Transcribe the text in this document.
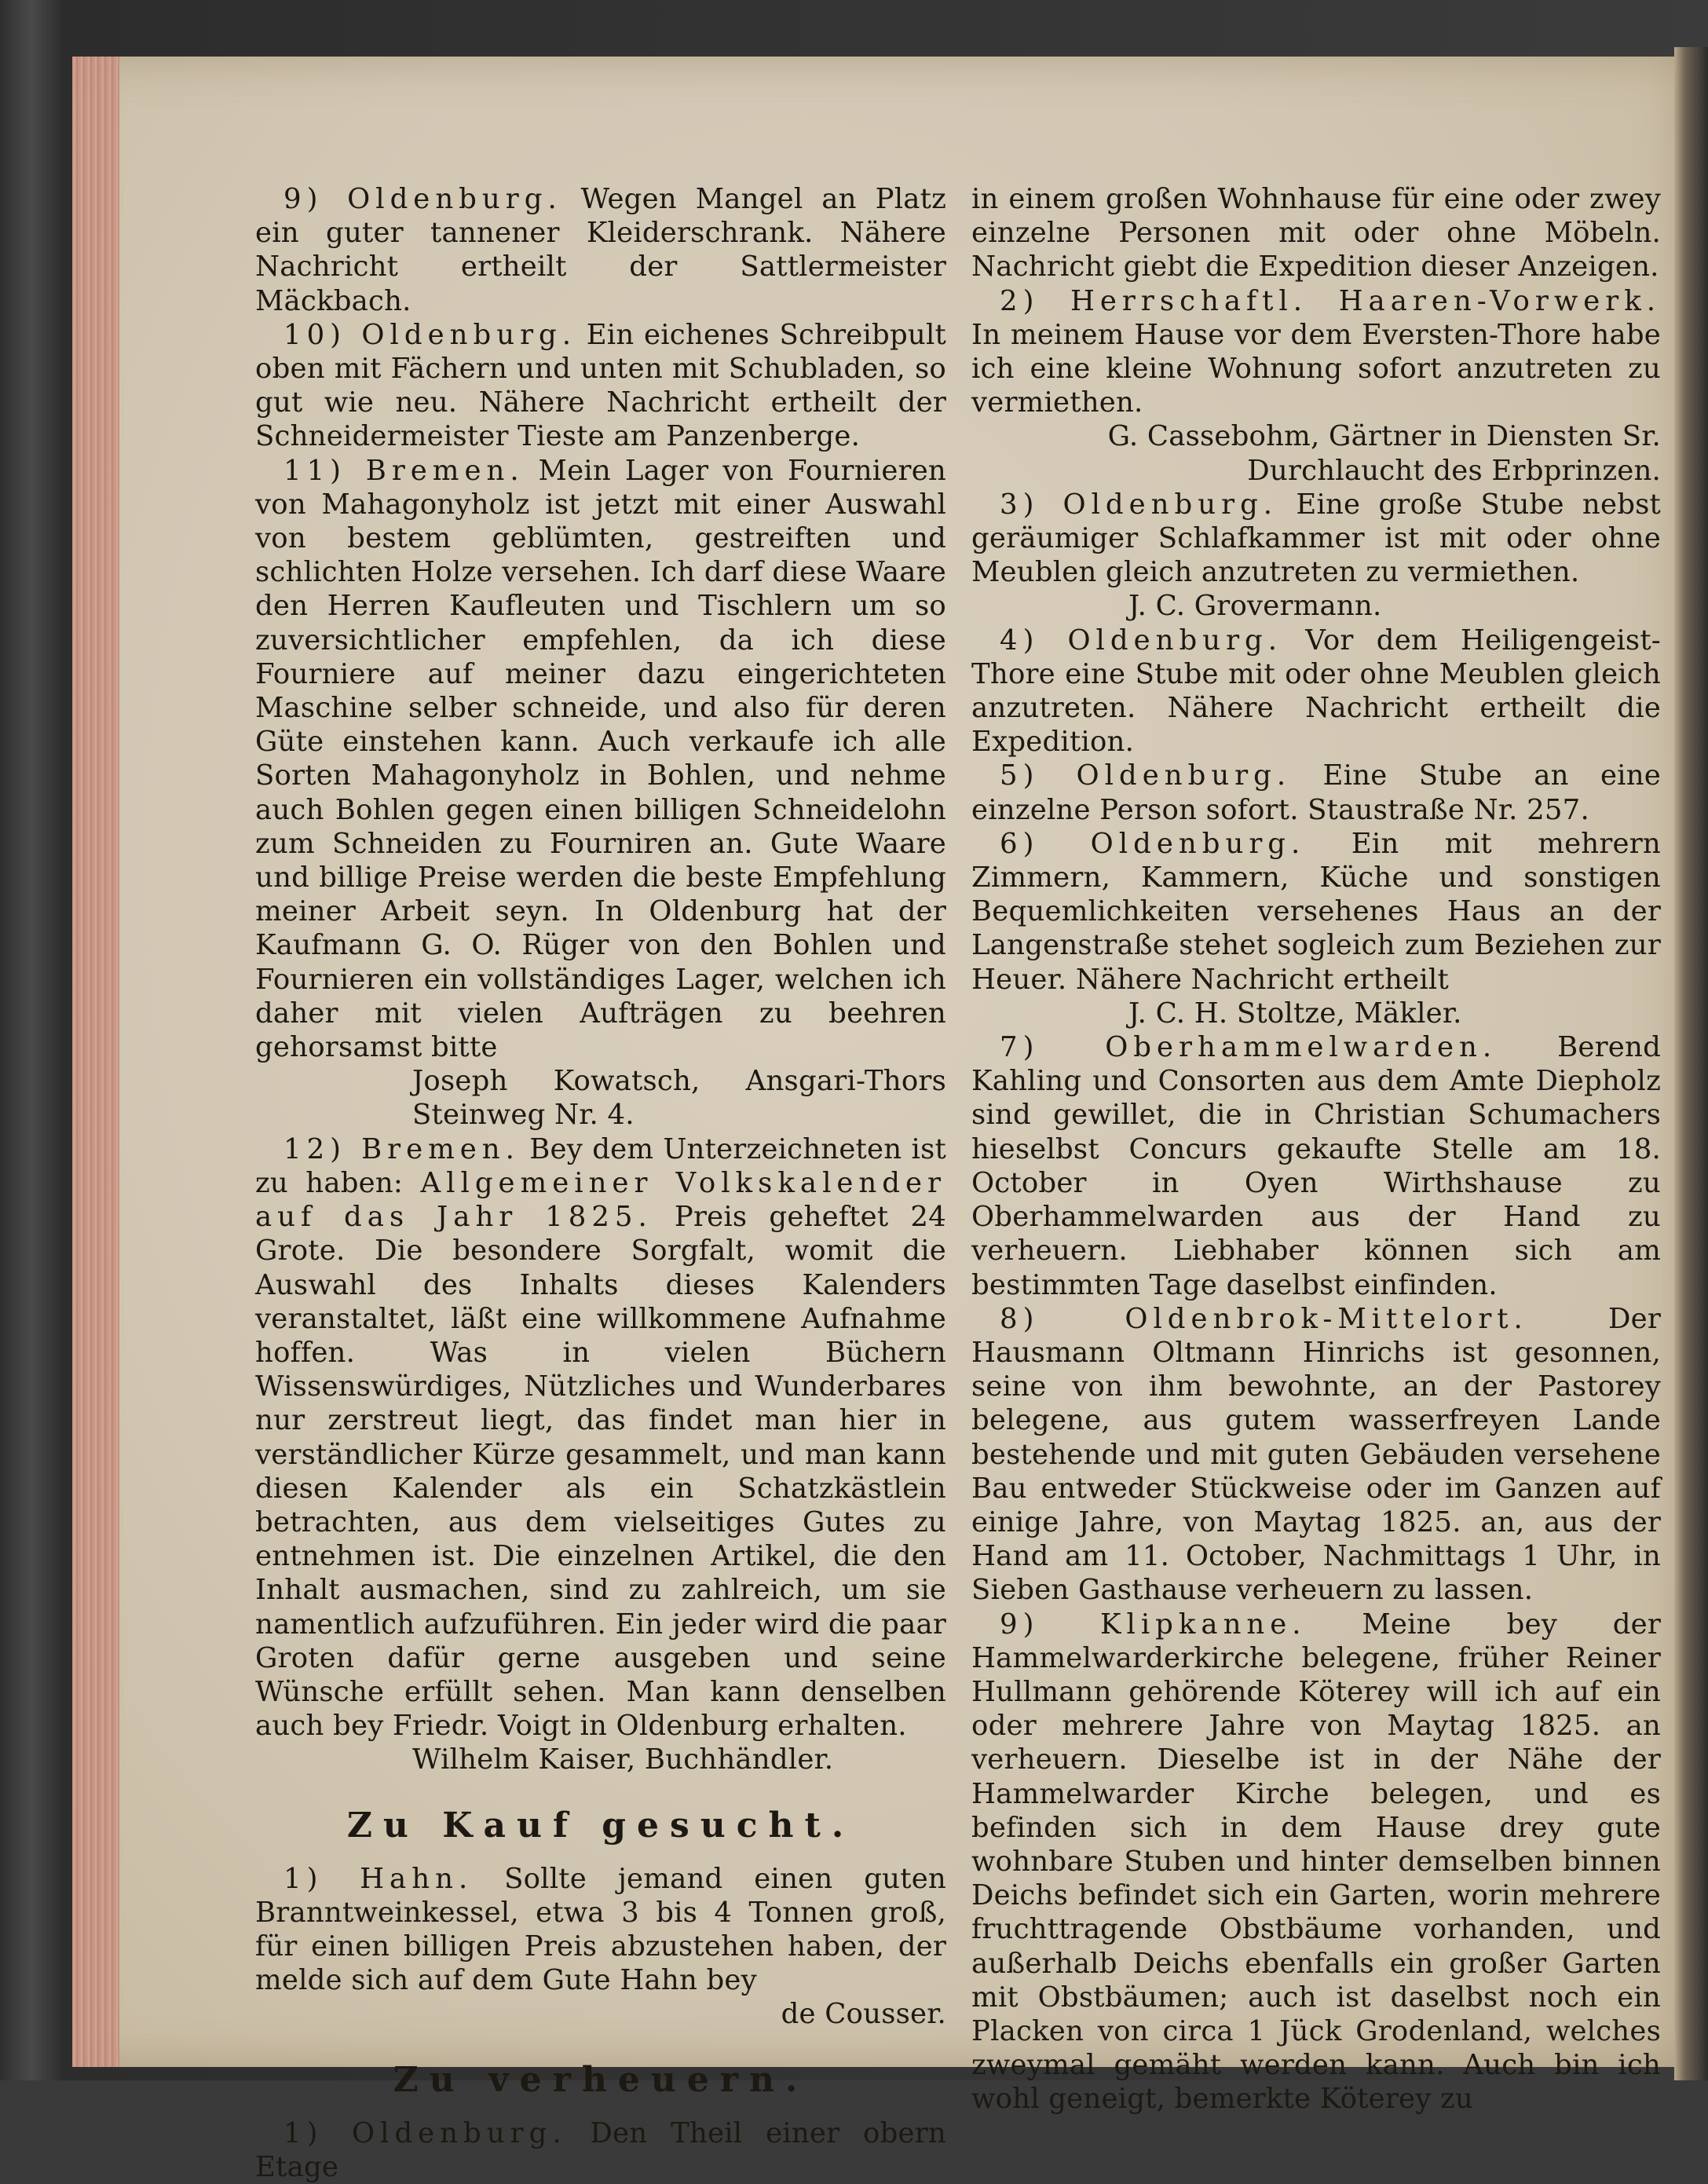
9) Oldenburg. Wegen Mangel an Platz ein guter tannener Kleiderschrank. Nähere Nachricht ertheilt der Sattlermeister Mäckbach.

10) Oldenburg. Ein eichenes Schreibpult oben mit Fächern und unten mit Schubladen, so gut wie neu. Nähere Nachricht ertheilt der Schneidermeister Tieste am Panzenberge.

11) Bremen. Mein Lager von Fournieren von Mahagonyholz ist jetzt mit einer Auswahl von bestem geblümten, gestreiften und schlichten Holze versehen. Ich darf diese Waare den Herren Kaufleuten und Tischlern um so zuversichtlicher empfehlen, da ich diese Fourniere auf meiner dazu eingerichteten Maschine selber schneide, und also für deren Güte einstehen kann. Auch verkaufe ich alle Sorten Mahagonyholz in Bohlen, und nehme auch Bohlen gegen einen billigen Schneidelohn zum Schneiden zu Fourniren an. Gute Waare und billige Preise werden die beste Empfehlung meiner Arbeit seyn. In Oldenburg hat der Kaufmann G. O. Rüger von den Bohlen und Fournieren ein vollständiges Lager, welchen ich daher mit vielen Aufträgen zu beehren gehorsamst bitte
Joseph Kowatsch, Ansgari-Thors Steinweg Nr. 4.

12) Bremen. Bey dem Unterzeichneten ist zu haben: Allgemeiner Volkskalender auf das Jahr 1825. Preis geheftet 24 Grote. Die besondere Sorgfalt, womit die Auswahl des Inhalts dieses Kalenders veranstaltet, läßt eine willkommene Aufnahme hoffen. Was in vielen Büchern Wissenswürdiges, Nützliches und Wunderbares nur zerstreut liegt, das findet man hier in verständlicher Kürze gesammelt, und man kann diesen Kalender als ein Schatzkästlein betrachten, aus dem vielseitiges Gutes zu entnehmen ist. Die einzelnen Artikel, die den Inhalt ausmachen, sind zu zahlreich, um sie namentlich aufzuführen. Ein jeder wird die paar Groten dafür gerne ausgeben und seine Wünsche erfüllt sehen. Man kann denselben auch bey Friedr. Voigt in Oldenburg erhalten.
Wilhelm Kaiser, Buchhändler.

Zu Kauf gesucht.

1) Hahn. Sollte jemand einen guten Branntweinkessel, etwa 3 bis 4 Tonnen groß, für einen billigen Preis abzustehen haben, der melde sich auf dem Gute Hahn bey
de Cousser.

Zu verheuern.

1) Oldenburg. Den Theil einer obern Etage

in einem großen Wohnhause für eine oder zwey einzelne Personen mit oder ohne Möbeln. Nachricht giebt die Expedition dieser Anzeigen.

2) Herrschaftl. Haaren-Vorwerk. In meinem Hause vor dem Eversten-Thore habe ich eine kleine Wohnung sofort anzutreten zu vermiethen.
G. Cassebohm, Gärtner in Diensten Sr. Durchlaucht des Erbprinzen.

3) Oldenburg. Eine große Stube nebst geräumiger Schlafkammer ist mit oder ohne Meublen gleich anzutreten zu vermiethen.
J. C. Grovermann.

4) Oldenburg. Vor dem Heiligengeist-Thore eine Stube mit oder ohne Meublen gleich anzutreten. Nähere Nachricht ertheilt die Expedition.

5) Oldenburg. Eine Stube an eine einzelne Person sofort. Staustraße Nr. 257.

6) Oldenburg. Ein mit mehrern Zimmern, Kammern, Küche und sonstigen Bequemlichkeiten versehenes Haus an der Langenstraße stehet sogleich zum Beziehen zur Heuer. Nähere Nachricht ertheilt
J. C. H. Stoltze, Mäkler.

7) Oberhammelwarden. Berend Kahling und Consorten aus dem Amte Diepholz sind gewillet, die in Christian Schumachers hieselbst Concurs gekaufte Stelle am 18. October in Oyen Wirthshause zu Oberhammelwarden aus der Hand zu verheuern. Liebhaber können sich am bestimmten Tage daselbst einfinden.

8) Oldenbrok-Mittelort.	Der Hausmann Oltmann Hinrichs ist gesonnen, seine von ihm bewohnte, an der Pastorey belegene, aus gutem wasserfreyen Lande bestehende und mit guten Gebäuden versehene Bau entweder Stückweise oder im Ganzen auf einige Jahre, von Maytag 1825. an, aus der Hand am 11. October, Nachmittags 1 Uhr, in Sieben Gasthause verheuern zu lassen.

9) Klipkanne. Meine bey der Hammelwarderkirche belegene, früher Reiner Hullmann gehörende Köterey will ich auf ein oder mehrere Jahre von Maytag 1825. an verheuern. Dieselbe ist in der Nähe der Hammelwarder Kirche belegen, und es befinden sich in dem Hause drey gute wohnbare Stuben und hinter demselben binnen Deichs befindet sich ein Garten, worin mehrere fruchttragende Obstbäume vorhanden, und außerhalb Deichs ebenfalls ein großer Garten mit Obstbäumen; auch ist daselbst noch ein Placken von circa 1 Jück Grodenland, welches zweymal gemäht werden kann. Auch bin ich wohl geneigt, bemerkte Köterey zu
